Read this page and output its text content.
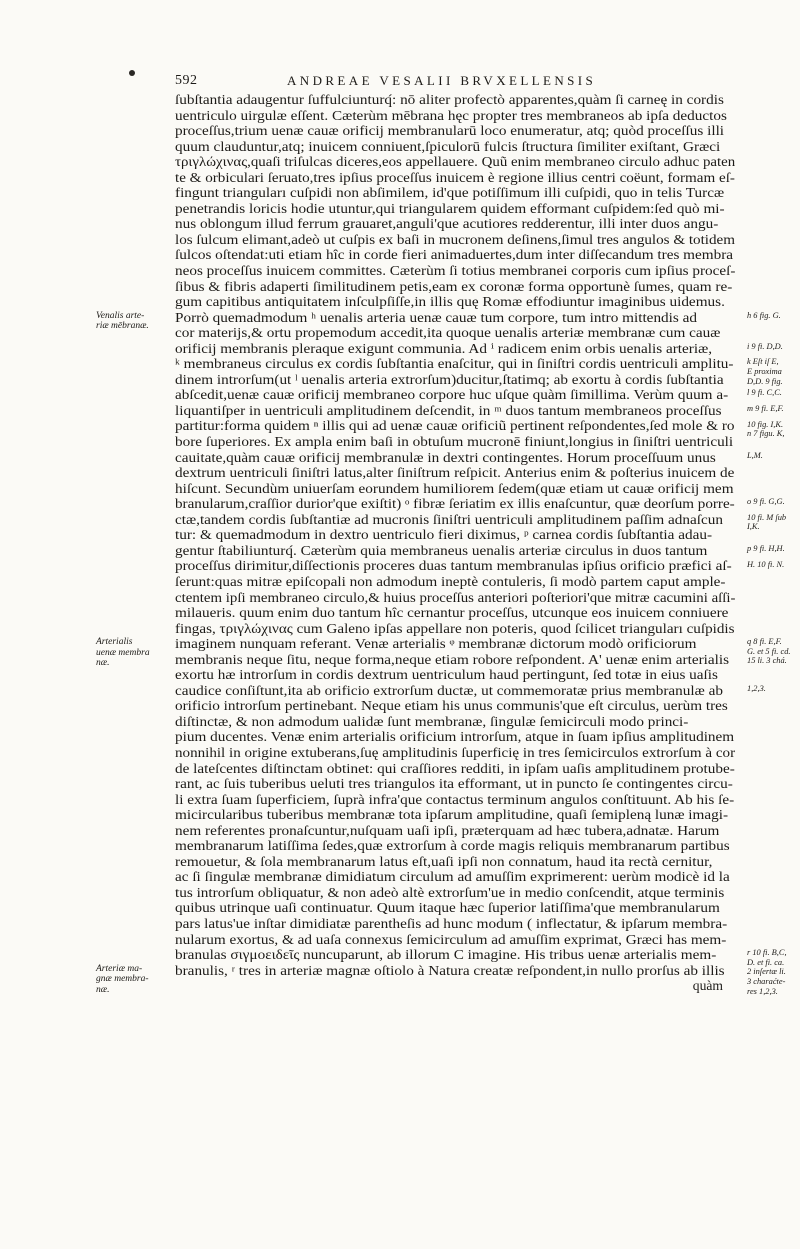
592	ANDREAE VESALII BRVXELLENSIS
ſubſtantia adaugentur ſuffulciunturq́: nō aliter profectò apparentes,quàm ſi carneę in cordis
uentriculo uirgulæ eſſent. Cæterùm mēbrana hęc propter tres membraneos ab ipſa deductos
proceſſus,trium uenæ cauæ orificij membranularū loco enumeratur, atq; quòd proceſſus illi
quum clauduntur,atq; inuicem conniuent,ſpiculorū fulcis ſtructura ſimiliter exiſtant, Græci
τριγλώχινας,quaſi triſulcas diceres,eos appellauere. Quũ enim membraneo circulo adhuc paten
te & orbiculari ſeruato,tres ipſius proceſſus inuicem è regione illius centri coëunt, formam eſ-
fingunt trianguları cuſpidi non abſimilem, id'que potiſſimum illi cuſpidi, quo in telis Turcæ
penetrandis loricis hodie utuntur,qui triangularem quidem efformant cuſpidem:ſed quò mi-
nus oblongum illud ferrum grauaret,anguli'que acutiores redderentur, illi inter duos angu-
los ſulcum elimant,adeò ut cuſpis ex baſi in mucronem deſinens,ſimul tres angulos & totidem
ſulcos oſtendat:uti etiam hîc in corde fieri animaduertes,dum inter diſſecandum tres membra
neos proceſſus inuicem committes. Cæterùm ſi totius membranei corporis cum ipſius proceſ-
ſibus & fibris adaperti ſimilitudinem petis,eam ex coronæ forma opportunè ſumes, quam re-
gum capitibus antiquitatem inſculpſiſſe,in illis quę Romæ effodiuntur imaginibus uidemus.
Porrò quemadmodum ʰ uenalis arteria uenæ cauæ tum corpore, tum intro mittendis ad
cor materijs,& ortu propemodum accedit,ita quoque uenalis arteriæ membranæ cum cauæ
orificij membranis pleraque exigunt communia. Ad ⁱ radicem enim orbis uenalis arteriæ,
ᵏ membraneus circulus ex cordis ſubſtantia enaſcitur, qui in ſiniſtri cordis uentriculi amplitu-
dinem introrſum(ut ˡ uenalis arteria extrorſum)ducitur,ſtatimq; ab exortu à cordis ſubſtantia
abſcedit,uenæ cauæ orificij membraneo corpore huc uſque quàm ſimillima. Verùm quum a-
liquantiſper in uentriculi amplitudinem deſcendit, in ᵐ duos tantum membraneos proceſſus
partitur:forma quidem ⁿ illis qui ad uenæ cauæ orificiũ pertinent reſpondentes,ſed mole & ro
bore ſuperiores. Ex ampla enim baſi in obtuſum mucronē finiunt,longius in ſiniſtri uentriculi
cauitate,quàm cauæ orificij membranulæ in dextri contingentes. Horum proceſſuum unus
dextrum uentriculi ſiniſtri latus,alter ſiniſtrum reſpicit. Anterius enim & poſterius inuicem de
hiſcunt. Secundùm uniuerſam eorundem humiliorem ſedem(quæ etiam ut cauæ orificij mem
branularum,craſſior durior'que exiſtit) ᵒ fibræ ſeriatim ex illis enaſcuntur, quæ deorſum porre-
ctæ,tandem cordis ſubſtantiæ ad mucronis ſiniſtri uentriculi amplitudinem paſſim adnaſcun
tur: & quemadmodum in dextro uentriculo fieri diximus, ᵖ carnea cordis ſubſtantia adau-
gentur ſtabiliunturq́. Cæterùm quia membraneus uenalis arteriæ circulus in duos tantum
proceſſus dirimitur,diſſectionis proceres duas tantum membranulas ipſius orificio præfici aſ-
ſerunt:quas mitræ epiſcopali non admodum ineptè contuleris, ſi modò partem caput ample-
ctentem ipſi membraneo circulo,& huius proceſſus anteriori poſteriori'que mitræ cacumini aſſi-
milaueris. quum enim duo tantum hîc cernantur proceſſus, utcunque eos inuicem conniuere
fingas, τριγλώχινας cum Galeno ipſas appellare non poteris, quod ſcilicet trianguları cuſpidis
imaginem nunquam referant. Venæ arterialis ᵠ membranæ dictorum modò orificiorum
membranis neque ſitu, neque forma,neque etiam robore reſpondent. A' uenæ enim arterialis
exortu hæ introrſum in cordis dextrum uentriculum haud pertingunt, ſed totæ in eius uaſis
caudice conſiſtunt,ita ab orificio extrorſum ductæ, ut commemoratæ prius membranulæ ab
orificio introrſum pertinebant. Neque etiam his unus communis'que eſt circulus, uerùm tres
diſtinctæ, & non admodum ualidæ ſunt membranæ, ſingulæ ſemicirculi modo princi-
pium ducentes. Venæ enim arterialis orificium introrſum, atque in ſuam ipſius amplitudinem
nonnihil in origine extuberans,ſuę amplitudinis ſuperficię in tres ſemicirculos extrorſum à cor
de lateſcentes diſtinctam obtinet: qui craſſiores redditi, in ipſam uaſis amplitudinem protube-
rant, ac ſuis tuberibus ueluti tres triangulos ita efformant, ut in puncto ſe contingentes circu-
li extra ſuam ſuperficiem, ſuprà infra'que contactus terminum angulos conſtituunt. Ab his ſe-
micircularibus tuberibus membranæ tota ipſarum amplitudine, quaſi ſemipleną lunæ imagi-
nem referentes pronaſcuntur,nuſquam uaſi ipſi, præterquam ad hæc tubera,adnatæ. Harum
membranarum latiſſima ſedes,quæ extrorſum à corde magis reliquis membranarum partibus
remouetur, & ſola membranarum latus eſt,uaſi ipſi non connatum, haud ita rectà cernitur,
ac ſi ſingulæ membranæ dimidiatum circulum ad amuſſim exprimerent: uerùm modicè id la
tus introrſum obliquatur, & non adeò altè extrorſum'ue in medio conſcendit, atque terminis
quibus utrinque uaſi continuatur. Quum itaque hæc ſuperior latiſſima'que membranularum
pars latus'ue inſtar dimidiatæ parentheſis ad hunc modum ( inflectatur, & ipſarum membra-
nularum exortus, & ad uaſa connexus ſemicirculum ad amuſſim exprimat, Græci has mem-
branulas σιγμοειδεῖς nuncuparunt, ab illorum C imagine. His tribus uenæ arterialis mem-
branulis, ʳ tres in arteriæ magnæ oſtiolo à Natura creatæ reſpondent,in nullo prorſus ab illis
quàm
Venalis arte-
riæ mēbranæ.
Arterialis
uenæ membra
næ.
Arteriæ ma-
gnæ membra-
næ.
h 6 fig. G.
i 9 fi. D,D.
k Eſt iſ E,
E proxima
D,D. 9 fig.
l 9 fi. C,C.
m 9 fi. E,F.
10 fig. I,K.
n 7 figu. K,
L,M.
o 9 fi. G,G.
10 fi. M ſub
I,K.
p 9 fi. H,H.
H. 10 fi. N.
q 8 fi. E,F.
G. et 5 fi. cd.
15 li. 3 chá.
1,2,3.
r 10 fi. B,C,
D. et fi. ca.
2 inſertæ li.
3 charaćte-
res 1,2,3.
